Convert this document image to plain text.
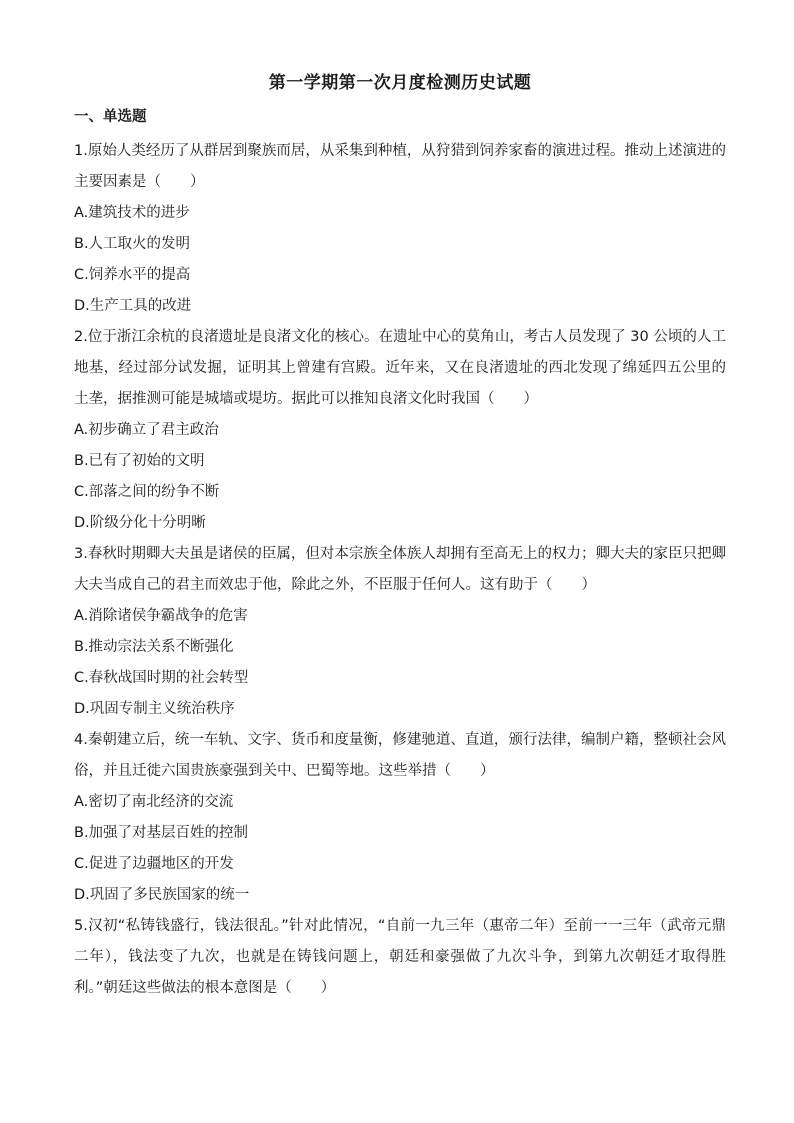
第一学期第一次月度检测历史试题
一、单选题

1.原始人类经历了从群居到聚族而居，从采集到种植，从狩猎到饲养家畜的演进过程。推动上述演进的主要因素是（　　）

A.建筑技术的进步

B.人工取火的发明

C.饲养水平的提高

D.生产工具的改进

2.位于浙江余杭的良渚遗址是良渚文化的核心。在遗址中心的莫角山，考古人员发现了 30 公顷的人工地基，经过部分试发掘，证明其上曾建有宫殿。近年来，又在良渚遗址的西北发现了绵延四五公里的土垄，据推测可能是城墙或堤坊。据此可以推知良渚文化时我国（　　）

A.初步确立了君主政治

B.已有了初始的文明

C.部落之间的纷争不断

D.阶级分化十分明晰

3.春秋时期卿大夫虽是诸侯的臣属，但对本宗族全体族人却拥有至高无上的权力；卿大夫的家臣只把卿大夫当成自己的君主而效忠于他，除此之外，不臣服于任何人。这有助于（　　）

A.消除诸侯争霸战争的危害

B.推动宗法关系不断强化

C.春秋战国时期的社会转型

D.巩固专制主义统治秩序

4.秦朝建立后，统一车轨、文字、货币和度量衡，修建驰道、直道，颁行法律，编制户籍，整顿社会风俗，并且迁徙六国贵族豪强到关中、巴蜀等地。这些举措（　　）

A.密切了南北经济的交流

B.加强了对基层百姓的控制

C.促进了边疆地区的开发

D.巩固了多民族国家的统一

5.汉初“私铸钱盛行，钱法很乱。”针对此情况，“自前一九三年（惠帝二年）至前一一三年（武帝元鼎二年），钱法变了九次，也就是在铸钱问题上，朝廷和豪强做了九次斗争，到第九次朝廷才取得胜利。”朝廷这些做法的根本意图是（　　）
